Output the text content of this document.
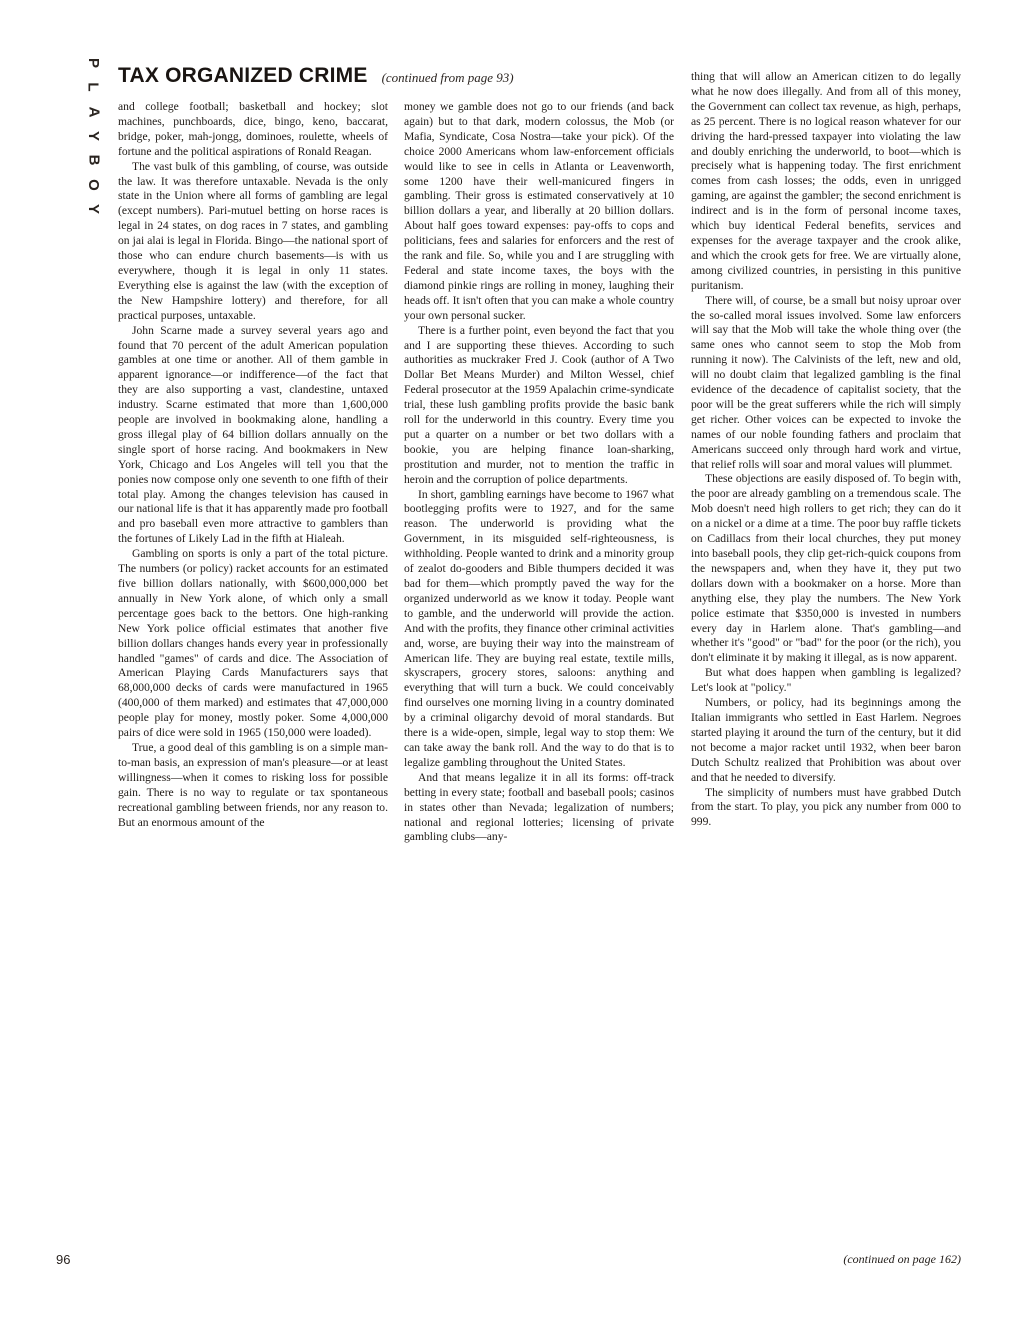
P
L
A
Y
B
O
Y
TAX ORGANIZED CRIME (continued from page 93)

and college football; basketball and hockey; slot machines, punchboards, dice, bingo, keno, baccarat, bridge, poker, mah-jongg, dominoes, roulette, wheels of fortune and the political aspirations of Ronald Reagan.

The vast bulk of this gambling, of course, was outside the law. It was therefore untaxable. Nevada is the only state in the Union where all forms of gambling are legal (except numbers). Pari-mutuel betting on horse races is legal in 24 states, on dog races in 7 states, and gambling on jai alai is legal in Florida. Bingo—the national sport of those who can endure church basements—is with us everywhere, though it is legal in only 11 states. Everything else is against the law (with the exception of the New Hampshire lottery) and therefore, for all practical purposes, untaxable.

John Scarne made a survey several years ago and found that 70 percent of the adult American population gambles at one time or another. All of them gamble in apparent ignorance—or indifference—of the fact that they are also supporting a vast, clandestine, untaxed industry. Scarne estimated that more than 1,600,000 people are involved in bookmaking alone, handling a gross illegal play of 64 billion dollars annually on the single sport of horse racing. And bookmakers in New York, Chicago and Los Angeles will tell you that the ponies now compose only one seventh to one fifth of their total play. Among the changes television has caused in our national life is that it has apparently made pro football and pro baseball even more attractive to gamblers than the fortunes of Likely Lad in the fifth at Hialeah.

Gambling on sports is only a part of the total picture. The numbers (or policy) racket accounts for an estimated five billion dollars nationally, with $600,000,000 bet annually in New York alone, of which only a small percentage goes back to the bettors. One high-ranking New York police official estimates that another five billion dollars changes hands every year in professionally handled "games" of cards and dice. The Association of American Playing Cards Manufacturers says that 68,000,000 decks of cards were manufactured in 1965 (400,000 of them marked) and estimates that 47,000,000 people play for money, mostly poker. Some 4,000,000 pairs of dice were sold in 1965 (150,000 were loaded).

True, a good deal of this gambling is on a simple man-to-man basis, an expression of man's pleasure—or at least willingness—when it comes to risking loss for possible gain. There is no way to regulate or tax spontaneous recreational gambling between friends, nor any reason to. But an enormous amount of the

money we gamble does not go to our friends (and back again) but to that dark, modern colossus, the Mob (or Mafia, Syndicate, Cosa Nostra—take your pick). Of the choice 2000 Americans whom law-enforcement officials would like to see in cells in Atlanta or Leavenworth, some 1200 have their well-manicured fingers in gambling. Their gross is estimated conservatively at 10 billion dollars a year, and liberally at 20 billion dollars. About half goes toward expenses: pay-offs to cops and politicians, fees and salaries for enforcers and the rest of the rank and file. So, while you and I are struggling with Federal and state income taxes, the boys with the diamond pinkie rings are rolling in money, laughing their heads off. It isn't often that you can make a whole country your own personal sucker.

There is a further point, even beyond the fact that you and I are supporting these thieves. According to such authorities as muckraker Fred J. Cook (author of A Two Dollar Bet Means Murder) and Milton Wessel, chief Federal prosecutor at the 1959 Apalachin crime-syndicate trial, these lush gambling profits provide the basic bank roll for the underworld in this country. Every time you put a quarter on a number or bet two dollars with a bookie, you are helping finance loan-sharking, prostitution and murder, not to mention the traffic in heroin and the corruption of police departments.

In short, gambling earnings have become to 1967 what bootlegging profits were to 1927, and for the same reason. The underworld is providing what the Government, in its misguided self-righteousness, is withholding. People wanted to drink and a minority group of zealot do-gooders and Bible thumpers decided it was bad for them—which promptly paved the way for the organized underworld as we know it today. People want to gamble, and the underworld will provide the action. And with the profits, they finance other criminal activities and, worse, are buying their way into the mainstream of American life. They are buying real estate, textile mills, skyscrapers, grocery stores, saloons: anything and everything that will turn a buck. We could conceivably find ourselves one morning living in a country dominated by a criminal oligarchy devoid of moral standards. But there is a wide-open, simple, legal way to stop them: We can take away the bank roll. And the way to do that is to legalize gambling throughout the United States.

And that means legalize it in all its forms: off-track betting in every state; football and baseball pools; casinos in states other than Nevada; legalization of numbers; national and regional lotteries; licensing of private gambling clubs—any-

thing that will allow an American citizen to do legally what he now does illegally. And from all of this money, the Government can collect tax revenue, as high, perhaps, as 25 percent. There is no logical reason whatever for our driving the hard-pressed taxpayer into violating the law and doubly enriching the underworld, to boot—which is precisely what is happening today. The first enrichment comes from cash losses; the odds, even in unrigged gaming, are against the gambler; the second enrichment is indirect and is in the form of personal income taxes, which buy identical Federal benefits, services and expenses for the average taxpayer and the crook alike, and which the crook gets for free. We are virtually alone, among civilized countries, in persisting in this punitive puritanism.

There will, of course, be a small but noisy uproar over the so-called moral issues involved. Some law enforcers will say that the Mob will take the whole thing over (the same ones who cannot seem to stop the Mob from running it now). The Calvinists of the left, new and old, will no doubt claim that legalized gambling is the final evidence of the decadence of capitalist society, that the poor will be the great sufferers while the rich will simply get richer. Other voices can be expected to invoke the names of our noble founding fathers and proclaim that Americans succeed only through hard work and virtue, that relief rolls will soar and moral values will plummet.

These objections are easily disposed of. To begin with, the poor are already gambling on a tremendous scale. The Mob doesn't need high rollers to get rich; they can do it on a nickel or a dime at a time. The poor buy raffle tickets on Cadillacs from their local churches, they put money into baseball pools, they clip get-rich-quick coupons from the newspapers and, when they have it, they put two dollars down with a bookmaker on a horse. More than anything else, they play the numbers. The New York police estimate that $350,000 is invested in numbers every day in Harlem alone. That's gambling—and whether it's "good" or "bad" for the poor (or the rich), you don't eliminate it by making it illegal, as is now apparent.

But what does happen when gambling is legalized? Let's look at "policy."

Numbers, or policy, had its beginnings among the Italian immigrants who settled in East Harlem. Negroes started playing it around the turn of the century, but it did not become a major racket until 1932, when beer baron Dutch Schultz realized that Prohibition was about over and that he needed to diversify.

The simplicity of numbers must have grabbed Dutch from the start. To play, you pick any number from 000 to 999.

(continued on page 162)
96
